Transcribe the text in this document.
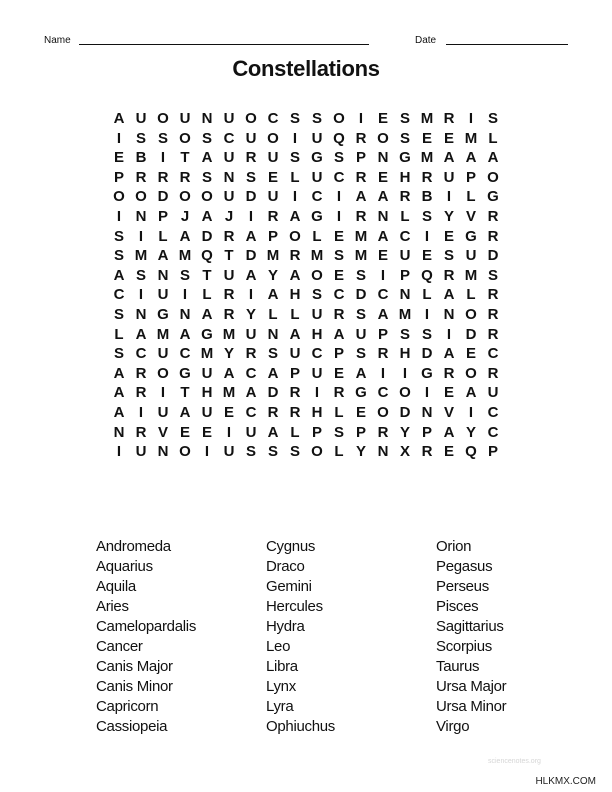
Name	Date
Constellations
A U O U N U O C S S O I E S M R I S
I S S O S C U O I U Q R O S E E M L
E B I	T A U R U S G S P N G M A A A
P R R R S N S E L U C R E H R U P O
O O D O O U D U I C I A A R B I	L G
I N P J A J	I R A G I R N L S Y V R
S I	L A D R A P O L E M A C I E G R
S M A M Q T D M R M S M E U E S U D
A S N S T U A Y A O E S I P Q R M S
C I U I	L R I A H S C D C N L A L R
S N G N A R Y L L U R S A M I N O R
L A M A G M U N A H A U P S S I D R
S C U C M Y R S U C P S R H D A E C
A R O G U A C A P U E A I	I G R O R
A R I	T H M A D R I R G C O I E A U
A I U A U E C R R H L E O D N V I C
N R V E E I U A L P S P R Y P A Y C
I U N O I U S S S O L Y N X R E Q P
Andromeda
Aquarius
Aquila
Aries
Camelopardalis
Cancer
Canis Major
Canis Minor
Capricorn
Cassiopeia
Cygnus
Draco
Gemini
Hercules
Hydra
Leo
Libra
Lynx
Lyra
Ophiuchus
Orion
Pegasus
Perseus
Pisces
Sagittarius
Scorpius
Taurus
Ursa Major
Ursa Minor
Virgo
sciencenotes.org
HLKMX.COM
